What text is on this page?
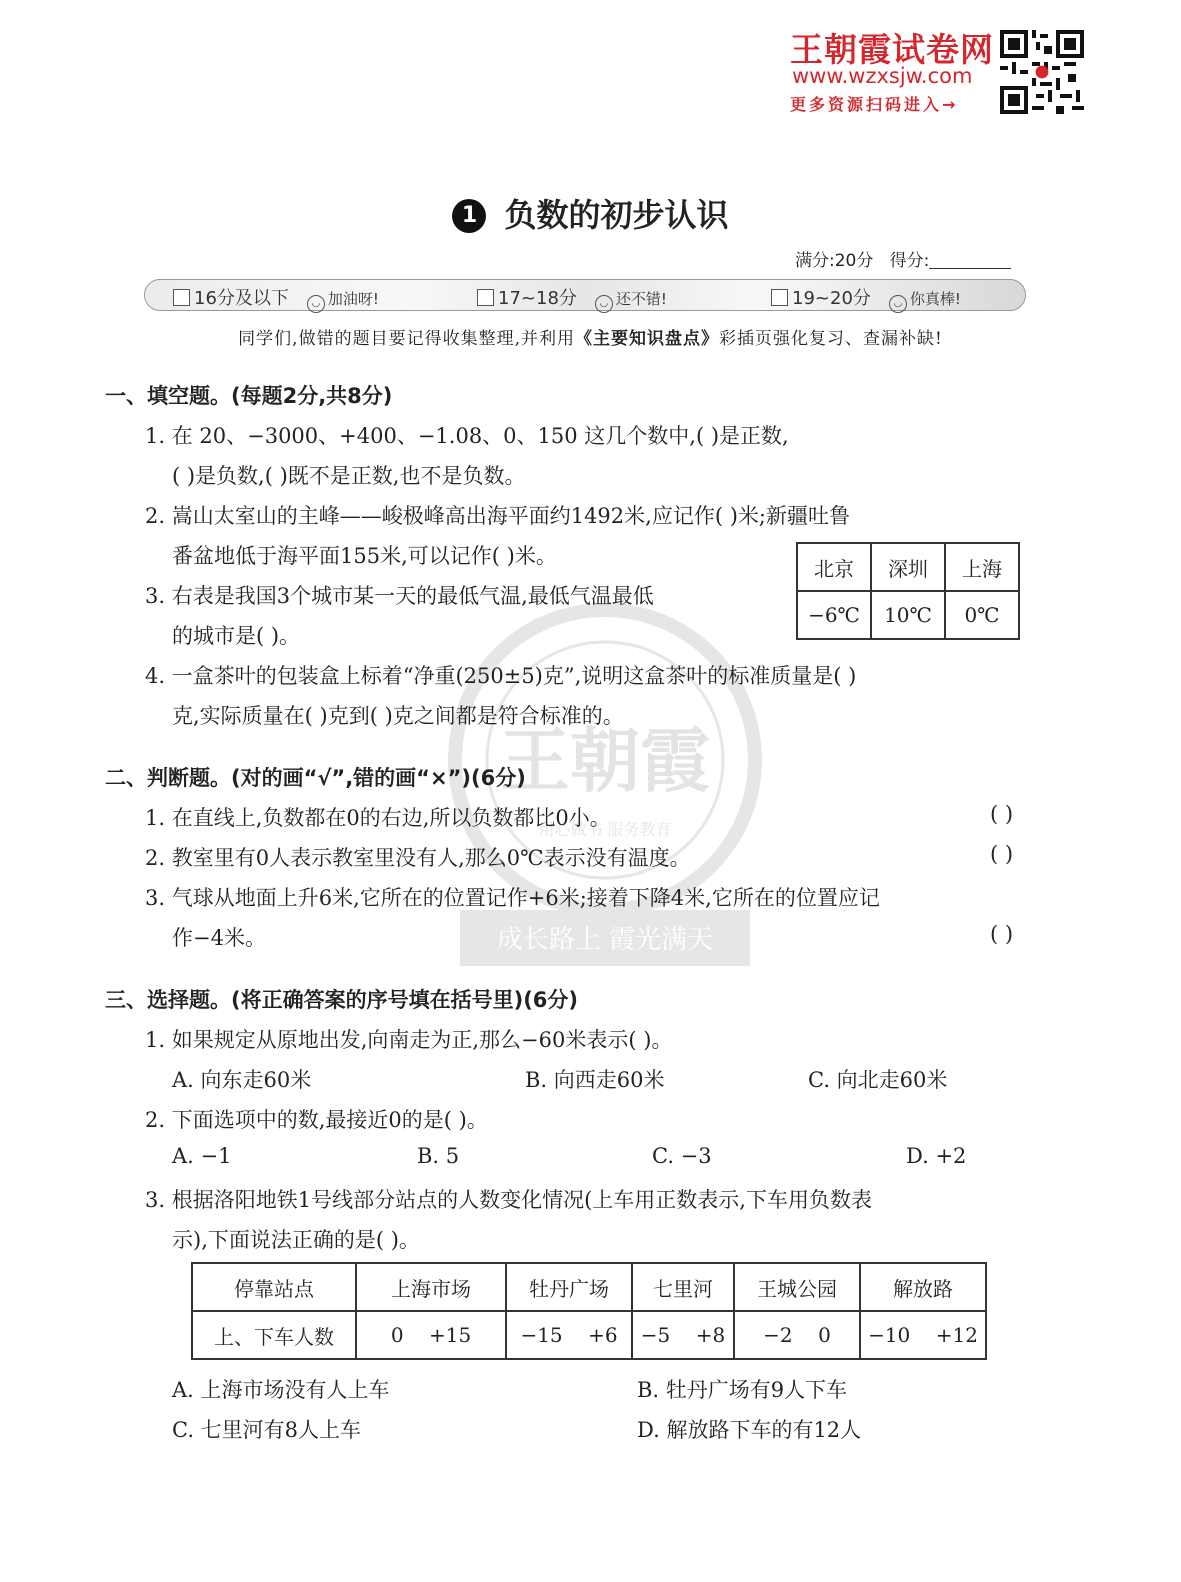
王朝霞试卷网
www.wzxsjw.com
更多资源扫码进入→
王朝霞
用心做书 服务教育
成长路上 霞光满天
1 负数的初步认识
满分:20分 得分:
16分及以下 ◡ 加油呀!	17~18分 ◡ 还不错!	19~20分 ◡ 你真棒!
同学们,做错的题目要记得收集整理,并利用《主要知识盘点》彩插页强化复习、查漏补缺!
一、填空题。(每题2分,共8分)
1. 在 20、−3000、+400、−1.08、0、150 这几个数中,( )是正数,
( )是负数,( )既不是正数,也不是负数。
2. 嵩山太室山的主峰——峻极峰高出海平面约1492米,应记作( )米;新疆吐鲁
番盆地低于海平面155米,可以记作( )米。
3. 右表是我国3个城市某一天的最低气温,最低气温最低
的城市是( )。
4. 一盒茶叶的包装盒上标着“净重(250±5)克”,说明这盒茶叶的标准质量是( )
克,实际质量在( )克到( )克之间都是符合标准的。
北京	深圳	上海
−6℃	10℃	0℃
二、判断题。(对的画“√”,错的画“×”)(6分)
1. 在直线上,负数都在0的右边,所以负数都比0小。	( )
2. 教室里有0人表示教室里没有人,那么0℃表示没有温度。	( )
3. 气球从地面上升6米,它所在的位置记作+6米;接着下降4米,它所在的位置应记
作−4米。	( )
三、选择题。(将正确答案的序号填在括号里)(6分)
1. 如果规定从原地出发,向南走为正,那么−60米表示( )。
A. 向东走60米	B. 向西走60米	C. 向北走60米
2. 下面选项中的数,最接近0的是( )。
A. −1	B. 5	C. −3	D. +2
3. 根据洛阳地铁1号线部分站点的人数变化情况(上车用正数表示,下车用负数表
示),下面说法正确的是( )。
停靠站点	上海市场	牡丹广场	七里河	王城公园	解放路
上、下车人数	0    +15	−15    +6	−5    +8	−2    0	−10    +12
A. 上海市场没有人上车	B. 牡丹广场有9人下车
C. 七里河有8人上车	D. 解放路下车的有12人
